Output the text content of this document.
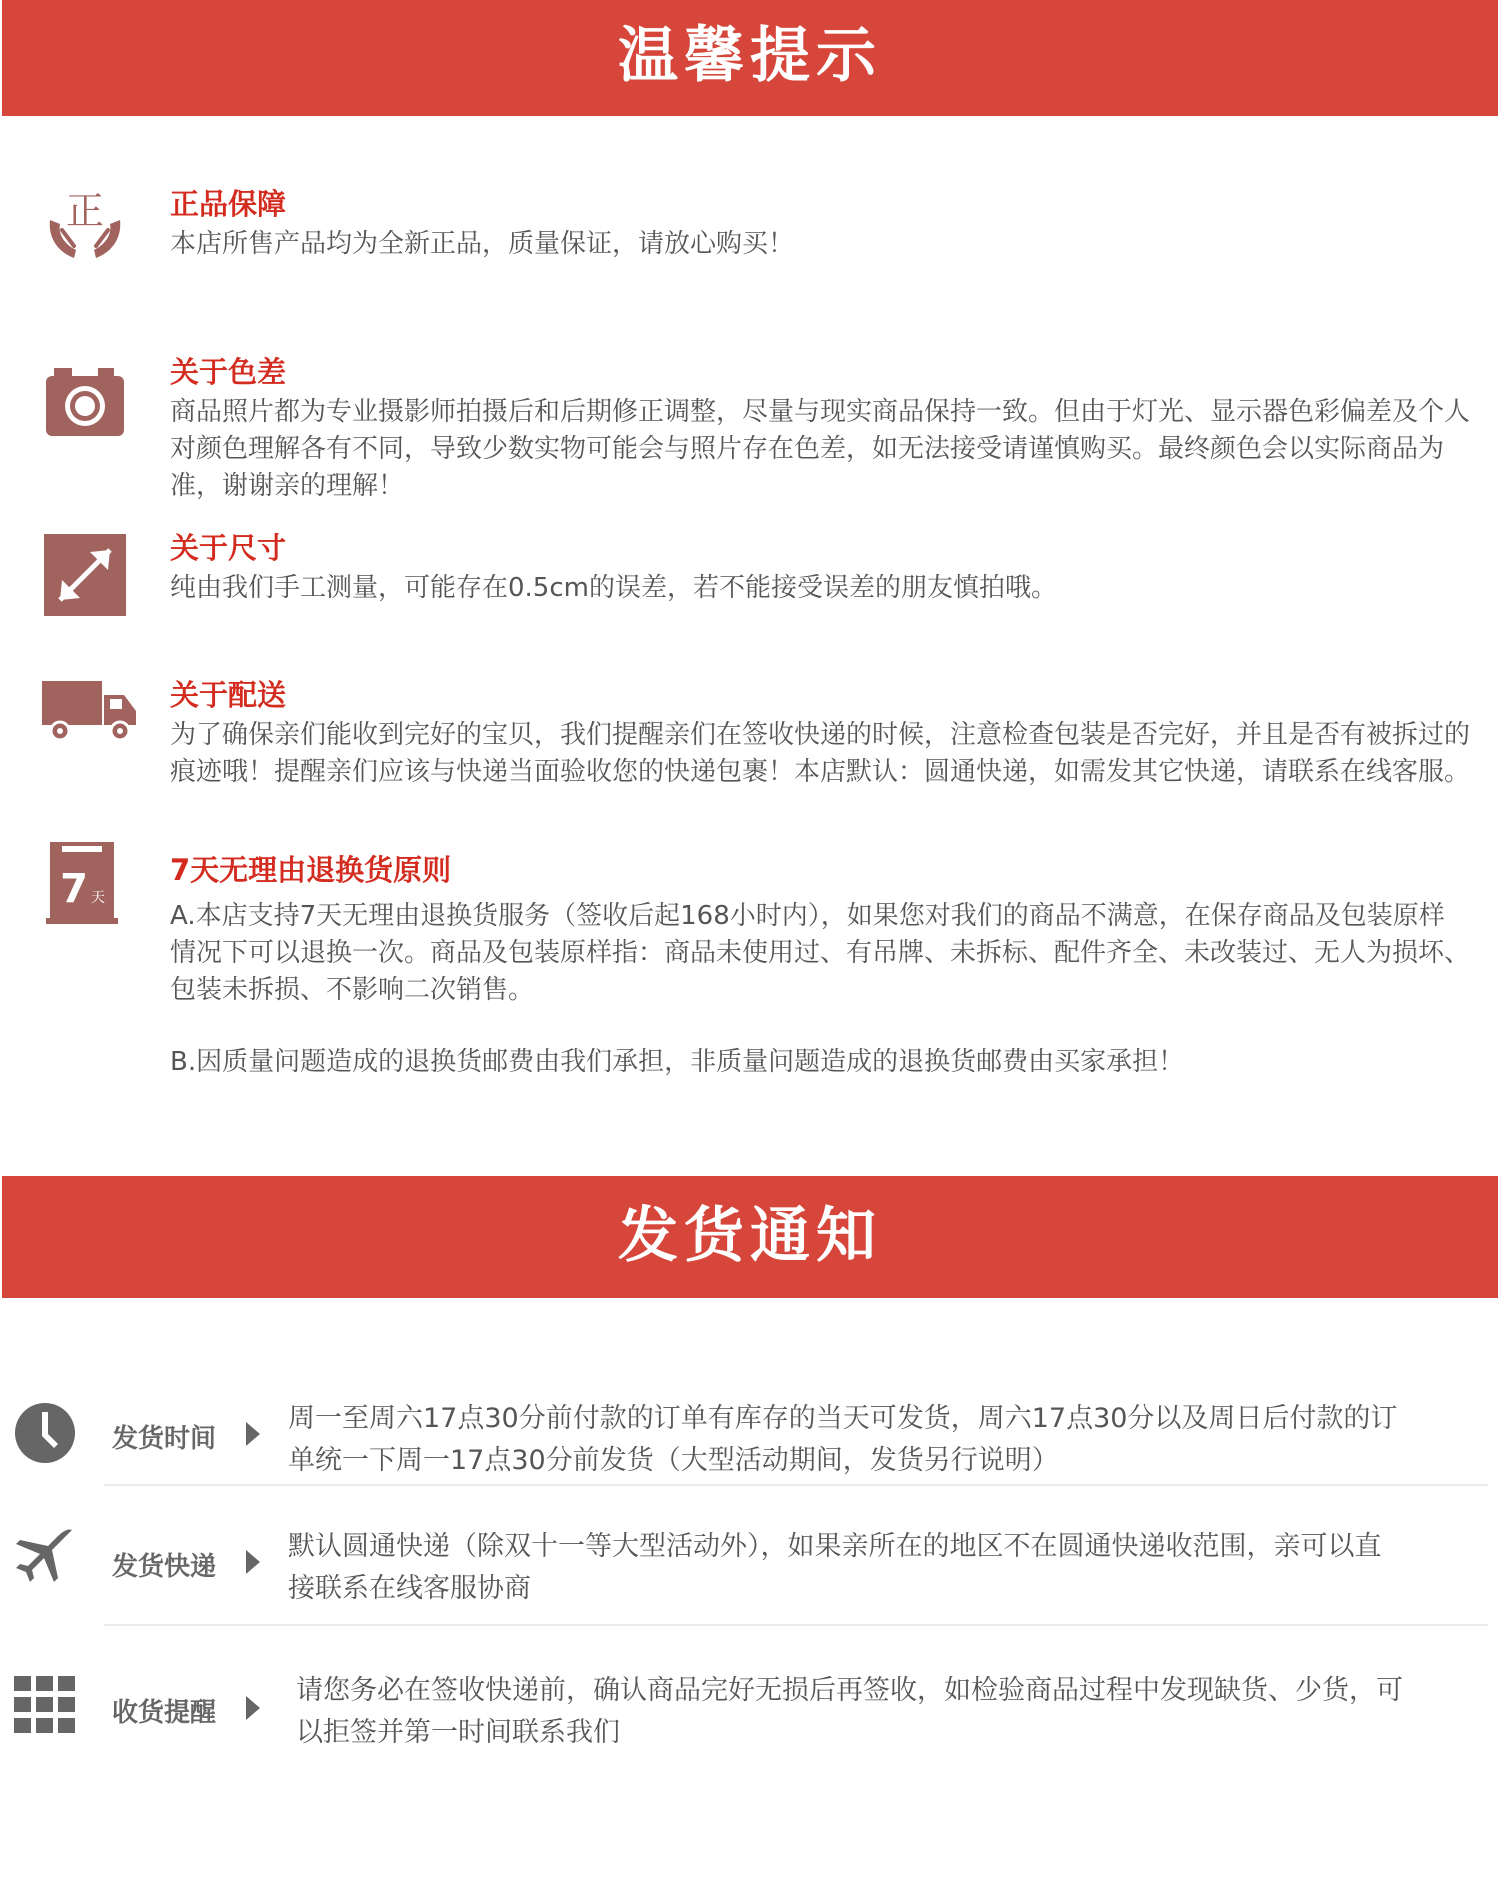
温馨提示
正 正品保障

本店所售产品均为全新正品，质量保证，请放心购买！

关于色差

商品照片都为专业摄影师拍摄后和后期修正调整，尽量与现实商品保持一致。但由于灯光、显示器色彩偏差及个人对颜色理解各有不同，导致少数实物可能会与照片存在色差，如无法接受请谨慎购买。最终颜色会以实际商品为准，谢谢亲的理解！

关于尺寸

纯由我们手工测量，可能存在0.5cm的误差，若不能接受误差的朋友慎拍哦。

关于配送

为了确保亲们能收到完好的宝贝，我们提醒亲们在签收快递的时候，注意检查包装是否完好，并且是否有被拆过的痕迹哦！提醒亲们应该与快递当面验收您的快递包裹！本店默认：圆通快递，如需发其它快递，请联系在线客服。

7 天
7天无理由退换货原则

A.本店支持7天无理由退换货服务（签收后起168小时内），如果您对我们的商品不满意，在保存商品及包装原样情况下可以退换一次。商品及包装原样指：商品未使用过、有吊牌、未拆标、配件齐全、未改装过、无人为损坏、包装未拆损、不影响二次销售。

B.因质量问题造成的退换货邮费由我们承担，非质量问题造成的退换货邮费由买家承担！

发货通知
发货时间
周一至周六17点30分前付款的订单有库存的当天可发货，周六17点30分以及周日后付款的订单统一下周一17点30分前发货（大型活动期间，发货另行说明）
发货快递
默认圆通快递（除双十一等大型活动外），如果亲所在的地区不在圆通快递收范围，亲可以直接联系在线客服协商
收货提醒
请您务必在签收快递前，确认商品完好无损后再签收，如检验商品过程中发现缺货、少货，可以拒签并第一时间联系我们
